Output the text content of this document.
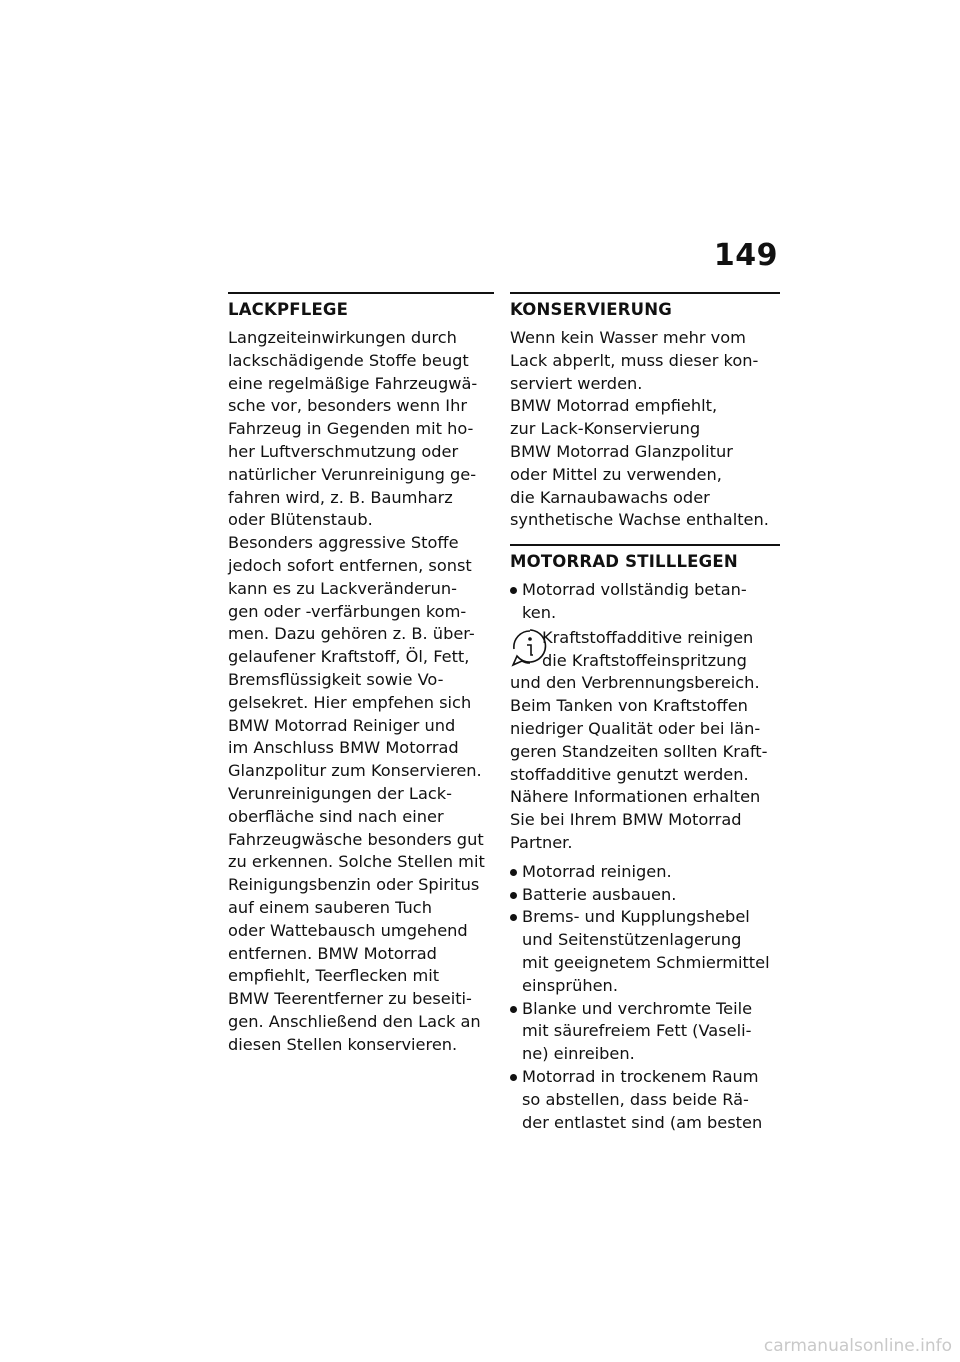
149
LACKPFLEGE

Langzeiteinwirkungen durch
lackschädigende Stoffe beugt
eine regelmäßige Fahrzeugwä-
sche vor, besonders wenn Ihr
Fahrzeug in Gegenden mit ho-
her Luftverschmutzung oder
natürlicher Verunreinigung ge-
fahren wird, z. B. Baumharz
oder Blütenstaub.

Besonders aggressive Stoffe
jedoch sofort entfernen, sonst
kann es zu Lackveränderun-
gen oder -verfärbungen kom-
men. Dazu gehören z. B. über-
gelaufener Kraftstoff, Öl, Fett,
Bremsflüssigkeit sowie Vo-
gelsekret. Hier empfehen sich
BMW Motorrad Reiniger und
im Anschluss BMW Motorrad
Glanzpolitur zum Konservieren.

Verunreinigungen der Lack-
oberfläche sind nach einer
Fahrzeugwäsche besonders gut
zu erkennen. Solche Stellen mit
Reinigungsbenzin oder Spiritus
auf einem sauberen Tuch
oder Wattebausch umgehend
entfernen. BMW Motorrad
empfiehlt, Teerflecken mit
BMW Teerentferner zu beseiti-
gen. Anschließend den Lack an
diesen Stellen konservieren.

KONSERVIERUNG

Wenn kein Wasser mehr vom
Lack abperlt, muss dieser kon-
serviert werden.

BMW Motorrad empfiehlt,
zur Lack-Konservierung
BMW Motorrad Glanzpolitur
oder Mittel zu verwenden,
die Karnaubawachs oder
synthetische Wachse enthalten.

MOTORRAD STILLLEGEN
Motorrad vollständig betan-
ken.

Kraftstoffadditive reinigen
die Kraftstoffeinspritzung

und den Verbrennungsbereich.
Beim Tanken von Kraftstoffen
niedriger Qualität oder bei län-
geren Standzeiten sollten Kraft-
stoffadditive genutzt werden.
Nähere Informationen erhalten
Sie bei Ihrem BMW Motorrad
Partner.

Motorrad reinigen.
Batterie ausbauen.
Brems- und Kupplungshebel
und Seitenstützenlagerung
mit geeignetem Schmiermittel
einsprühen.
Blanke und verchromte Teile
mit säurefreiem Fett (Vaseli-
ne) einreiben.
Motorrad in trockenem Raum
so abstellen, dass beide Rä-
der entlastet sind (am besten
carmanualsonline.info
